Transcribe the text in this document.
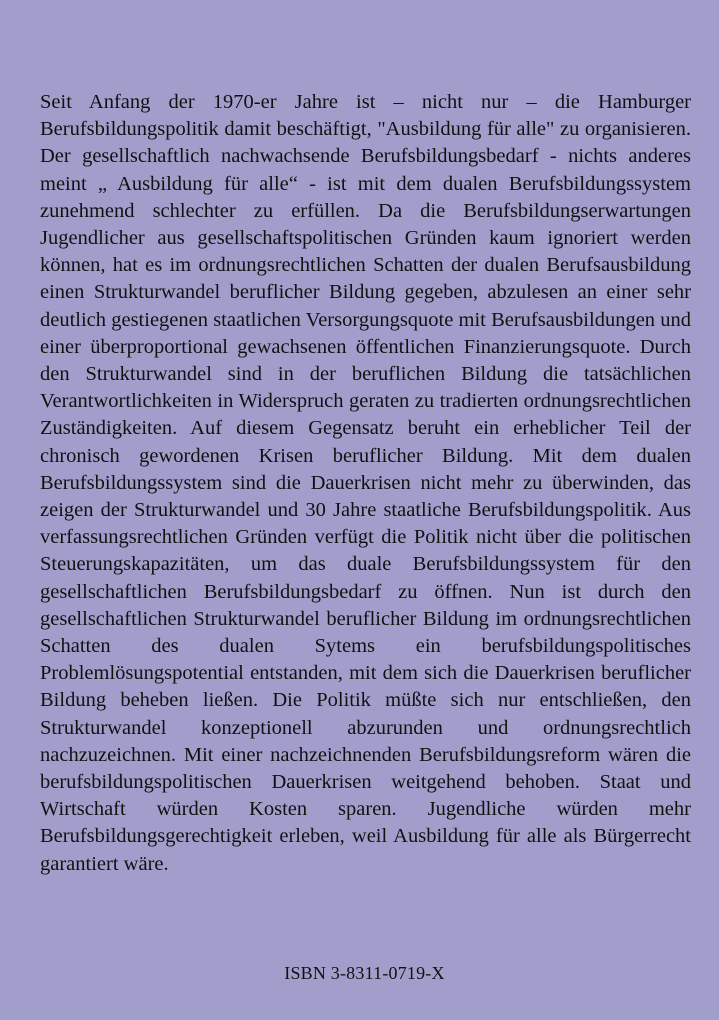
Seit Anfang der 1970-er Jahre ist – nicht nur – die Hamburger Berufsbildungspolitik damit beschäftigt, "Ausbildung für alle" zu organisieren. Der gesellschaftlich nachwachsende Berufsbildungsbedarf - nichts anderes meint „ Ausbildung für alle“ - ist mit dem dualen Berufsbildungssystem zunehmend schlechter zu erfüllen. Da die Berufsbildungserwartungen Jugendlicher aus gesellschaftspolitischen Gründen kaum ignoriert werden können, hat es im ordnungsrechtlichen Schatten der dualen Berufsausbildung einen Strukturwandel beruflicher Bildung gegeben, abzulesen an einer sehr deutlich gestiegenen staatlichen Versorgungsquote mit Berufsausbildungen und einer überproportional gewachsenen öffentlichen Finanzierungsquote. Durch den Strukturwandel sind in der beruflichen Bildung die tatsächlichen Verantwortlichkeiten in Widerspruch geraten zu tradierten ordnungsrechtlichen Zuständigkeiten. Auf diesem Gegensatz beruht ein erheblicher Teil der chronisch gewordenen Krisen beruflicher Bildung. Mit dem dualen Berufsbildungssystem sind die Dauerkrisen nicht mehr zu überwinden, das zeigen der Strukturwandel und 30 Jahre staatliche Berufsbildungspolitik. Aus verfassungsrechtlichen Gründen verfügt die Politik nicht über die politischen Steuerungskapazitäten, um das duale Berufsbildungssystem für den gesellschaftlichen Berufsbildungsbedarf zu öffnen. Nun ist durch den gesellschaftlichen Strukturwandel beruflicher Bildung im ordnungsrechtlichen Schatten des dualen Sytems ein berufsbildungspolitisches Problemlösungspotential entstanden, mit dem sich die Dauerkrisen beruflicher Bildung beheben ließen. Die Politik müßte sich nur entschließen, den Strukturwandel konzeptionell abzurunden und ordnungsrechtlich nachzuzeichnen. Mit einer nachzeichnenden Berufsbildungsreform wären die berufsbildungspolitischen Dauerkrisen weitgehend behoben. Staat und Wirtschaft würden Kosten sparen. Jugendliche würden mehr Berufsbildungsgerechtigkeit erleben, weil Ausbildung für alle als Bürgerrecht garantiert wäre.

ISBN 3-8311-0719-X
